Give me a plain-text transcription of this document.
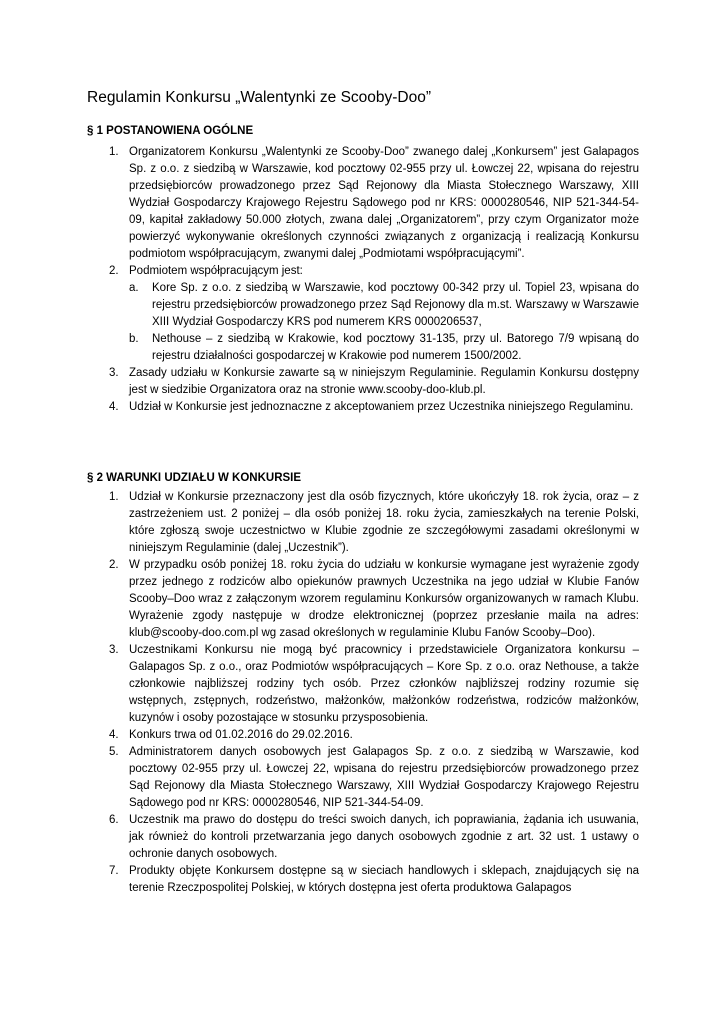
Regulamin Konkursu „Walentynki ze Scooby-Doo”
§ 1 POSTANOWIENA OGÓLNE
1. Organizatorem Konkursu „Walentynki ze Scooby-Doo” zwanego dalej „Konkursem” jest Galapagos Sp. z o.o. z siedzibą w Warszawie, kod pocztowy 02-955 przy ul. Łowczej 22, wpisana do rejestru przedsiębiorców prowadzonego przez Sąd Rejonowy dla Miasta Stołecznego Warszawy, XIII Wydział Gospodarczy Krajowego Rejestru Sądowego pod nr KRS: 0000280546, NIP 521-344-54-09, kapitał zakładowy 50.000 złotych, zwana dalej „Organizatorem”, przy czym Organizator może powierzyć wykonywanie określonych czynności związanych z organizacją i realizacją Konkursu podmiotom współpracującym, zwanymi dalej „Podmiotami współpracującymi”.
2. Podmiotem współpracującym jest:
a. Kore Sp. z o.o. z siedzibą w Warszawie, kod pocztowy 00-342 przy ul. Topiel 23, wpisana do rejestru przedsiębiorców prowadzonego przez Sąd Rejonowy dla m.st. Warszawy w Warszawie XIII Wydział Gospodarczy KRS pod numerem KRS 0000206537,
b. Nethouse – z siedzibą w Krakowie, kod pocztowy 31-135, przy ul. Batorego 7/9 wpisaną do rejestru działalności gospodarczej w Krakowie pod numerem 1500/2002.
3. Zasady udziału w Konkursie zawarte są w niniejszym Regulaminie. Regulamin Konkursu dostępny jest w siedzibie Organizatora oraz na stronie www.scooby-doo-klub.pl.
4. Udział w Konkursie jest jednoznaczne z akceptowaniem przez Uczestnika niniejszego Regulaminu.
§ 2 WARUNKI UDZIAŁU W KONKURSIE
1. Udział w Konkursie przeznaczony jest dla osób fizycznych, które ukończyły 18. rok życia, oraz – z zastrzeżeniem ust. 2 poniżej – dla osób poniżej 18. roku życia, zamieszkałych na terenie Polski, które zgłoszą swoje uczestnictwo w Klubie zgodnie ze szczegółowymi zasadami określonymi w niniejszym Regulaminie (dalej „Uczestnik”).
2. W przypadku osób poniżej 18. roku życia do udziału w konkursie wymagane jest wyrażenie zgody przez jednego z rodziców albo opiekunów prawnych Uczestnika na jego udział w Klubie Fanów Scooby–Doo wraz z załączonym wzorem regulaminu Konkursów organizowanych w ramach Klubu. Wyrażenie zgody następuje w drodze elektronicznej (poprzez przesłanie maila na adres: klub@scooby-doo.com.pl wg zasad określonych w regulaminie Klubu Fanów Scooby–Doo).
3. Uczestnikami Konkursu nie mogą być pracownicy i przedstawiciele Organizatora konkursu – Galapagos Sp. z o.o., oraz Podmiotów współpracujących – Kore Sp. z o.o. oraz Nethouse, a także członkowie najbliższej rodziny tych osób. Przez członków najbliższej rodziny rozumie się wstępnych, zstępnych, rodzeństwo, małżonków, małżonków rodzeństwa, rodziców małżonków, kuzynów i osoby pozostające w stosunku przysposobienia.
4. Konkurs trwa od 01.02.2016 do 29.02.2016.
5. Administratorem danych osobowych jest Galapagos Sp. z o.o. z siedzibą w Warszawie, kod pocztowy 02-955 przy ul. Łowczej 22, wpisana do rejestru przedsiębiorców prowadzonego przez Sąd Rejonowy dla Miasta Stołecznego Warszawy, XIII Wydział Gospodarczy Krajowego Rejestru Sądowego pod nr KRS: 0000280546, NIP 521-344-54-09.
6. Uczestnik ma prawo do dostępu do treści swoich danych, ich poprawiania, żądania ich usuwania, jak również do kontroli przetwarzania jego danych osobowych zgodnie z art. 32 ust. 1 ustawy o ochronie danych osobowych.
7. Produkty objęte Konkursem dostępne są w sieciach handlowych i sklepach, znajdujących się na terenie Rzeczpospolitej Polskiej, w których dostępna jest oferta produktowa Galapagos
